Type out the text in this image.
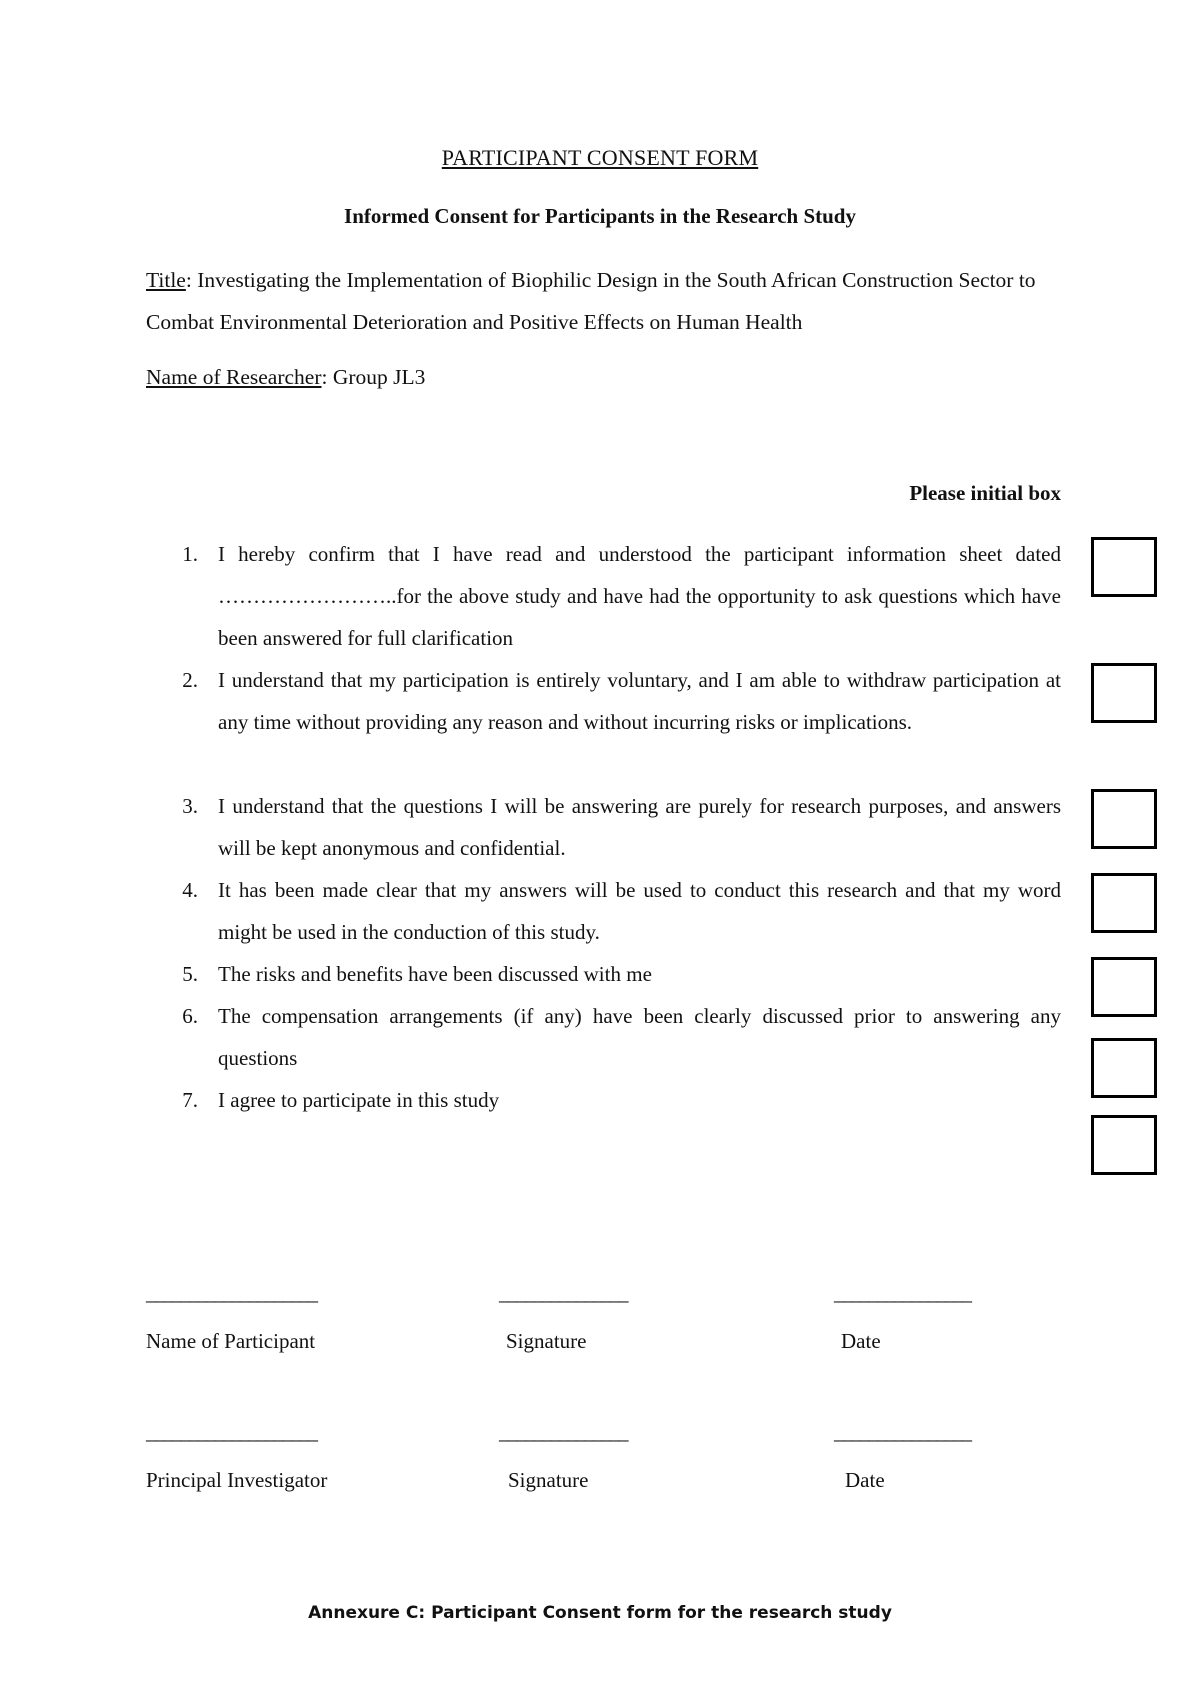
PARTICIPANT CONSENT FORM
Informed Consent for Participants in the Research Study
Title: Investigating the Implementation of Biophilic Design in the South African Construction Sector to Combat Environmental Deterioration and Positive Effects on Human Health
Name of Researcher: Group JL3
Please initial box
1. I hereby confirm that I have read and understood the participant information sheet dated ……………………..for the above study and have had the opportunity to ask questions which have been answered for full clarification
2. I understand that my participation is entirely voluntary, and I am able to withdraw participation at any time without providing any reason and without incurring risks or implications.
3. I understand that the questions I will be answering are purely for research purposes, and answers will be kept anonymous and confidential.
4. It has been made clear that my answers will be used to conduct this research and that my word might be used in the conduction of this study.
5. The risks and benefits have been discussed with me
6. The compensation arrangements (if any) have been clearly discussed prior to answering any questions
7. I agree to participate in this study
____________________	_______________	________________
Name of Participant	Signature	Date
____________________	_______________	________________
Principal Investigator	Signature	Date
Annexure C: Participant Consent form for the research study
